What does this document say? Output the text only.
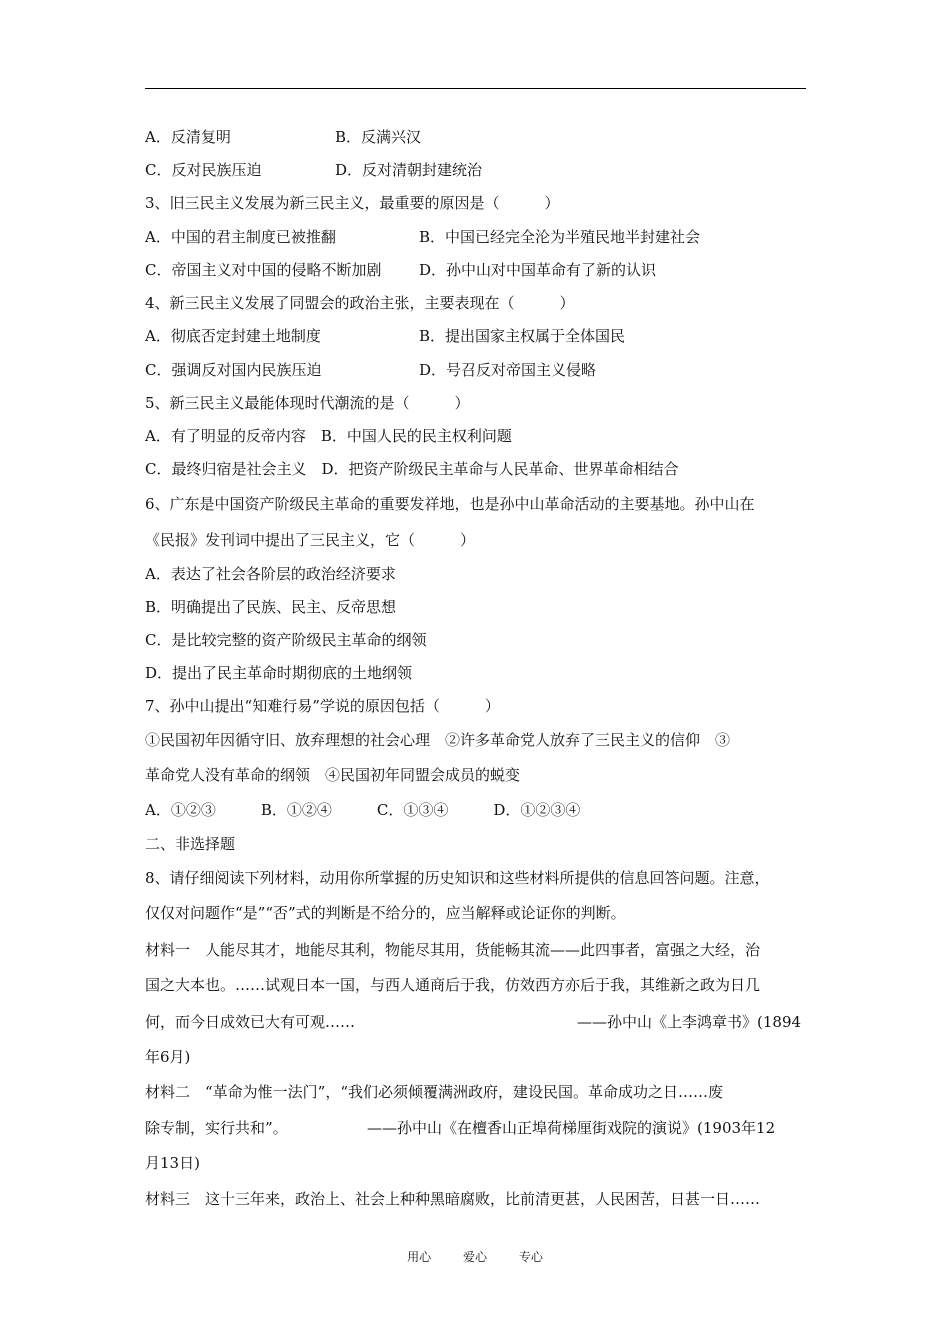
A．反清复明	B．反满兴汉
C．反对民族压迫	D．反对清朝封建统治
3、旧三民主义发展为新三民主义，最重要的原因是（　　　）
A．中国的君主制度已被推翻	B．中国已经完全沦为半殖民地半封建社会
C．帝国主义对中国的侵略不断加剧	D．孙中山对中国革命有了新的认识
4、新三民主义发展了同盟会的政治主张，主要表现在（　　　）
A．彻底否定封建土地制度	B．提出国家主权属于全体国民
C．强调反对国内民族压迫	D．号召反对帝国主义侵略
5、新三民主义最能体现时代潮流的是（　　　）
A．有了明显的反帝内容　B．中国人民的民主权利问题
C．最终归宿是社会主义　D．把资产阶级民主革命与人民革命、世界革命相结合
6、广东是中国资产阶级民主革命的重要发祥地，也是孙中山革命活动的主要基地。孙中山在
《民报》发刊词中提出了三民主义，它（　　　）
A．表达了社会各阶层的政治经济要求
B．明确提出了民族、民主、反帝思想
C．是比较完整的资产阶级民主革命的纲领
D．提出了民主革命时期彻底的土地纲领
7、孙中山提出“知难行易”学说的原因包括（　　　）
①民国初年因循守旧、放弃理想的社会心理　②许多革命党人放弃了三民主义的信仰　③
革命党人没有革命的纲领　④民国初年同盟会成员的蜕变
A．①②③　　　B．①②④　　　C．①③④　　　D．①②③④
二、非选择题
8、请仔细阅读下列材料，动用你所掌握的历史知识和这些材料所提供的信息回答问题。注意，
仅仅对问题作“是”“否”式的判断是不给分的，应当解释或论证你的判断。
材料一　人能尽其才，地能尽其利，物能尽其用，货能畅其流——此四事者，富强之大经，治
国之大本也。……试观日本一国，与西人通商后于我，仿效西方亦后于我，其维新之政为日几
何，而今日成效已大有可观……	——孙中山《上李鸿章书》(1894
年6月)
材料二　“革命为惟一法门”，“我们必须倾覆满洲政府，建设民国。革命成功之日……废
除专制，实行共和”。	——孙中山《在檀香山正埠荷梯厘街戏院的演说》(1903年12
月13日)
材料三　这十三年来，政治上、社会上种种黑暗腐败，比前清更甚，人民困苦，日甚一日……
用心	爱心	专心
